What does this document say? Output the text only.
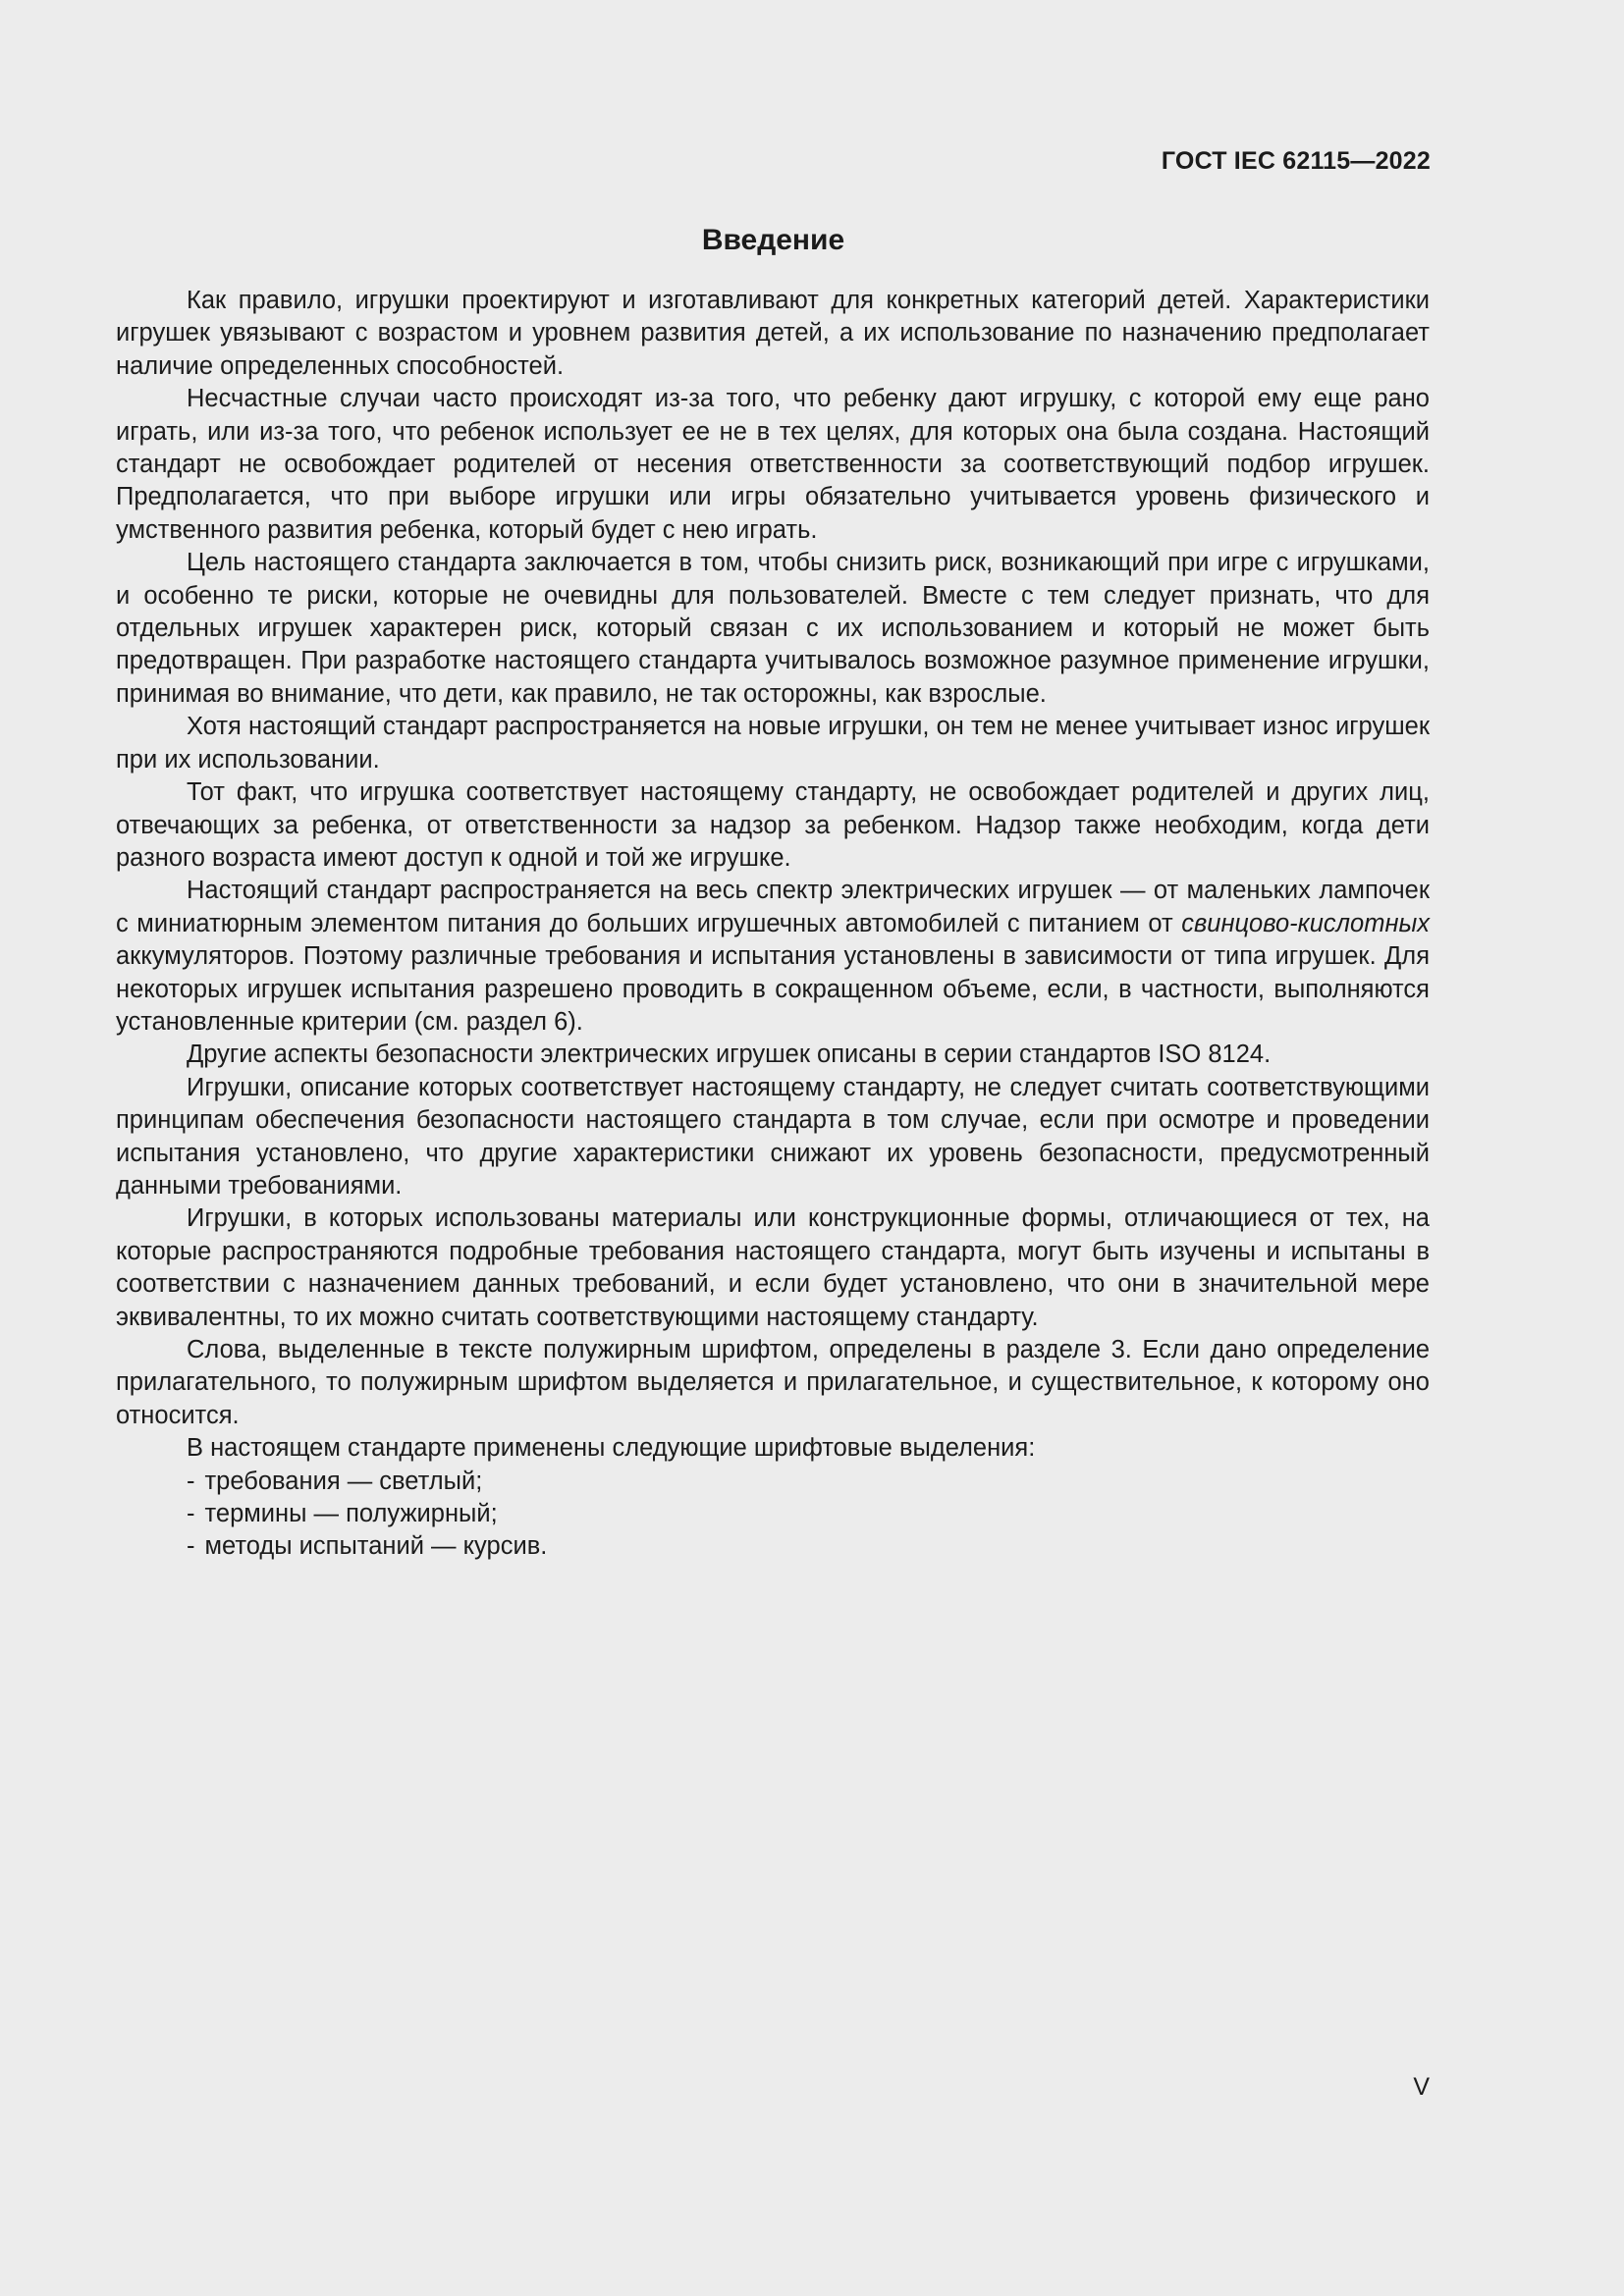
ГОСТ IEC 62115—2022
Введение

Как правило, игрушки проектируют и изготавливают для конкретных категорий детей. Характеристики игрушек увязывают с возрастом и уровнем развития детей, а их использование по назначению предполагает наличие определенных способностей.

Несчастные случаи часто происходят из-за того, что ребенку дают игрушку, с которой ему еще рано играть, или из-за того, что ребенок использует ее не в тех целях, для которых она была создана. Настоящий стандарт не освобождает родителей от несения ответственности за соответствующий подбор игрушек. Предполагается, что при выборе игрушки или игры обязательно учитывается уровень физического и умственного развития ребенка, который будет с нею играть.

Цель настоящего стандарта заключается в том, чтобы снизить риск, возникающий при игре с игрушками, и особенно те риски, которые не очевидны для пользователей. Вместе с тем следует признать, что для отдельных игрушек характерен риск, который связан с их использованием и который не может быть предотвращен. При разработке настоящего стандарта учитывалось возможное разумное применение игрушки, принимая во внимание, что дети, как правило, не так осторожны, как взрослые.

Хотя настоящий стандарт распространяется на новые игрушки, он тем не менее учитывает износ игрушек при их использовании.

Тот факт, что игрушка соответствует настоящему стандарту, не освобождает родителей и других лиц, отвечающих за ребенка, от ответственности за надзор за ребенком. Надзор также необходим, когда дети разного возраста имеют доступ к одной и той же игрушке.

Настоящий стандарт распространяется на весь спектр электрических игрушек — от маленьких лампочек с миниатюрным элементом питания до больших игрушечных автомобилей с питанием от свинцово-кислотных аккумуляторов. Поэтому различные требования и испытания установлены в зависимости от типа игрушек. Для некоторых игрушек испытания разрешено проводить в сокращенном объеме, если, в частности, выполняются установленные критерии (см. раздел 6).

Другие аспекты безопасности электрических игрушек описаны в серии стандартов ISO 8124.

Игрушки, описание которых соответствует настоящему стандарту, не следует считать соответствующими принципам обеспечения безопасности настоящего стандарта в том случае, если при осмотре и проведении испытания установлено, что другие характеристики снижают их уровень безопасности, предусмотренный данными требованиями.

Игрушки, в которых использованы материалы или конструкционные формы, отличающиеся от тех, на которые распространяются подробные требования настоящего стандарта, могут быть изучены и испытаны в соответствии с назначением данных требований, и если будет установлено, что они в значительной мере эквивалентны, то их можно считать соответствующими настоящему стандарту.

Слова, выделенные в тексте полужирным шрифтом, определены в разделе 3. Если дано определение прилагательного, то полужирным шрифтом выделяется и прилагательное, и существительное, к которому оно относится.

В настоящем стандарте применены следующие шрифтовые выделения:

- требования — светлый;
- термины — полужирный;
- методы испытаний — курсив.
V
